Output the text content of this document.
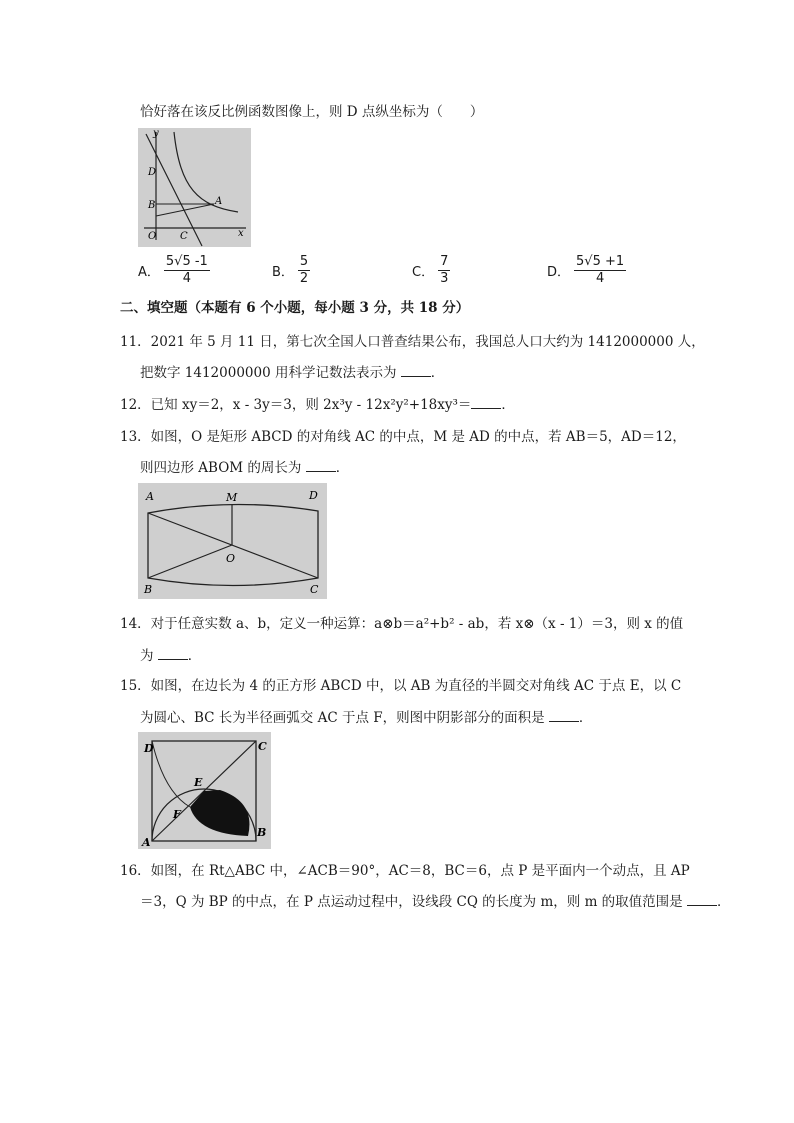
恰好落在该反比例函数图像上，则 D 点纵坐标为（　　）
y
x
D
B	A
O C
A． $\frac{5√5 -1}{4}$	B． $\frac{5}{2}$	C． $\frac{7}{3}$	D． $\frac{5√5 +1}{4}$
二、填空题（本题有 6 个小题，每小题 3 分，共 18 分）
11．2021 年 5 月 11 日，第七次全国人口普查结果公布，我国总人口大约为 1412000000 人，
把数字 1412000000 用科学记数法表示为	．
12．已知 xy＝2，x - 3y＝3，则 2x³y - 12x²y²+18xy³＝ ．
13．如图，O 是矩形 ABCD 的对角线 AC 的中点，M 是 AD 的中点，若 AB＝5，AD＝12，
则四边形 ABOM 的周长为	．
A	M	D
O
B	C
14．对于任意实数 a、b，定义一种运算：a⊗b＝a²+b² - ab，若 x⊗（x - 1）＝3，则 x 的值
为	．
15．如图，在边长为 4 的正方形 ABCD 中，以 AB 为直径的半圆交对角线 AC 于点 E，以 C
为圆心、BC 长为半径画弧交 AC 于点 F，则图中阴影部分的面积是	．
D	C
E
F
A
B
16．如图，在 Rt△ABC 中，∠ACB＝90°，AC＝8，BC＝6，点 P 是平面内一个动点，且 AP
＝3，Q 为 BP 的中点，在 P 点运动过程中，设线段 CQ 的长度为 m，则 m 的取值范围是	．
